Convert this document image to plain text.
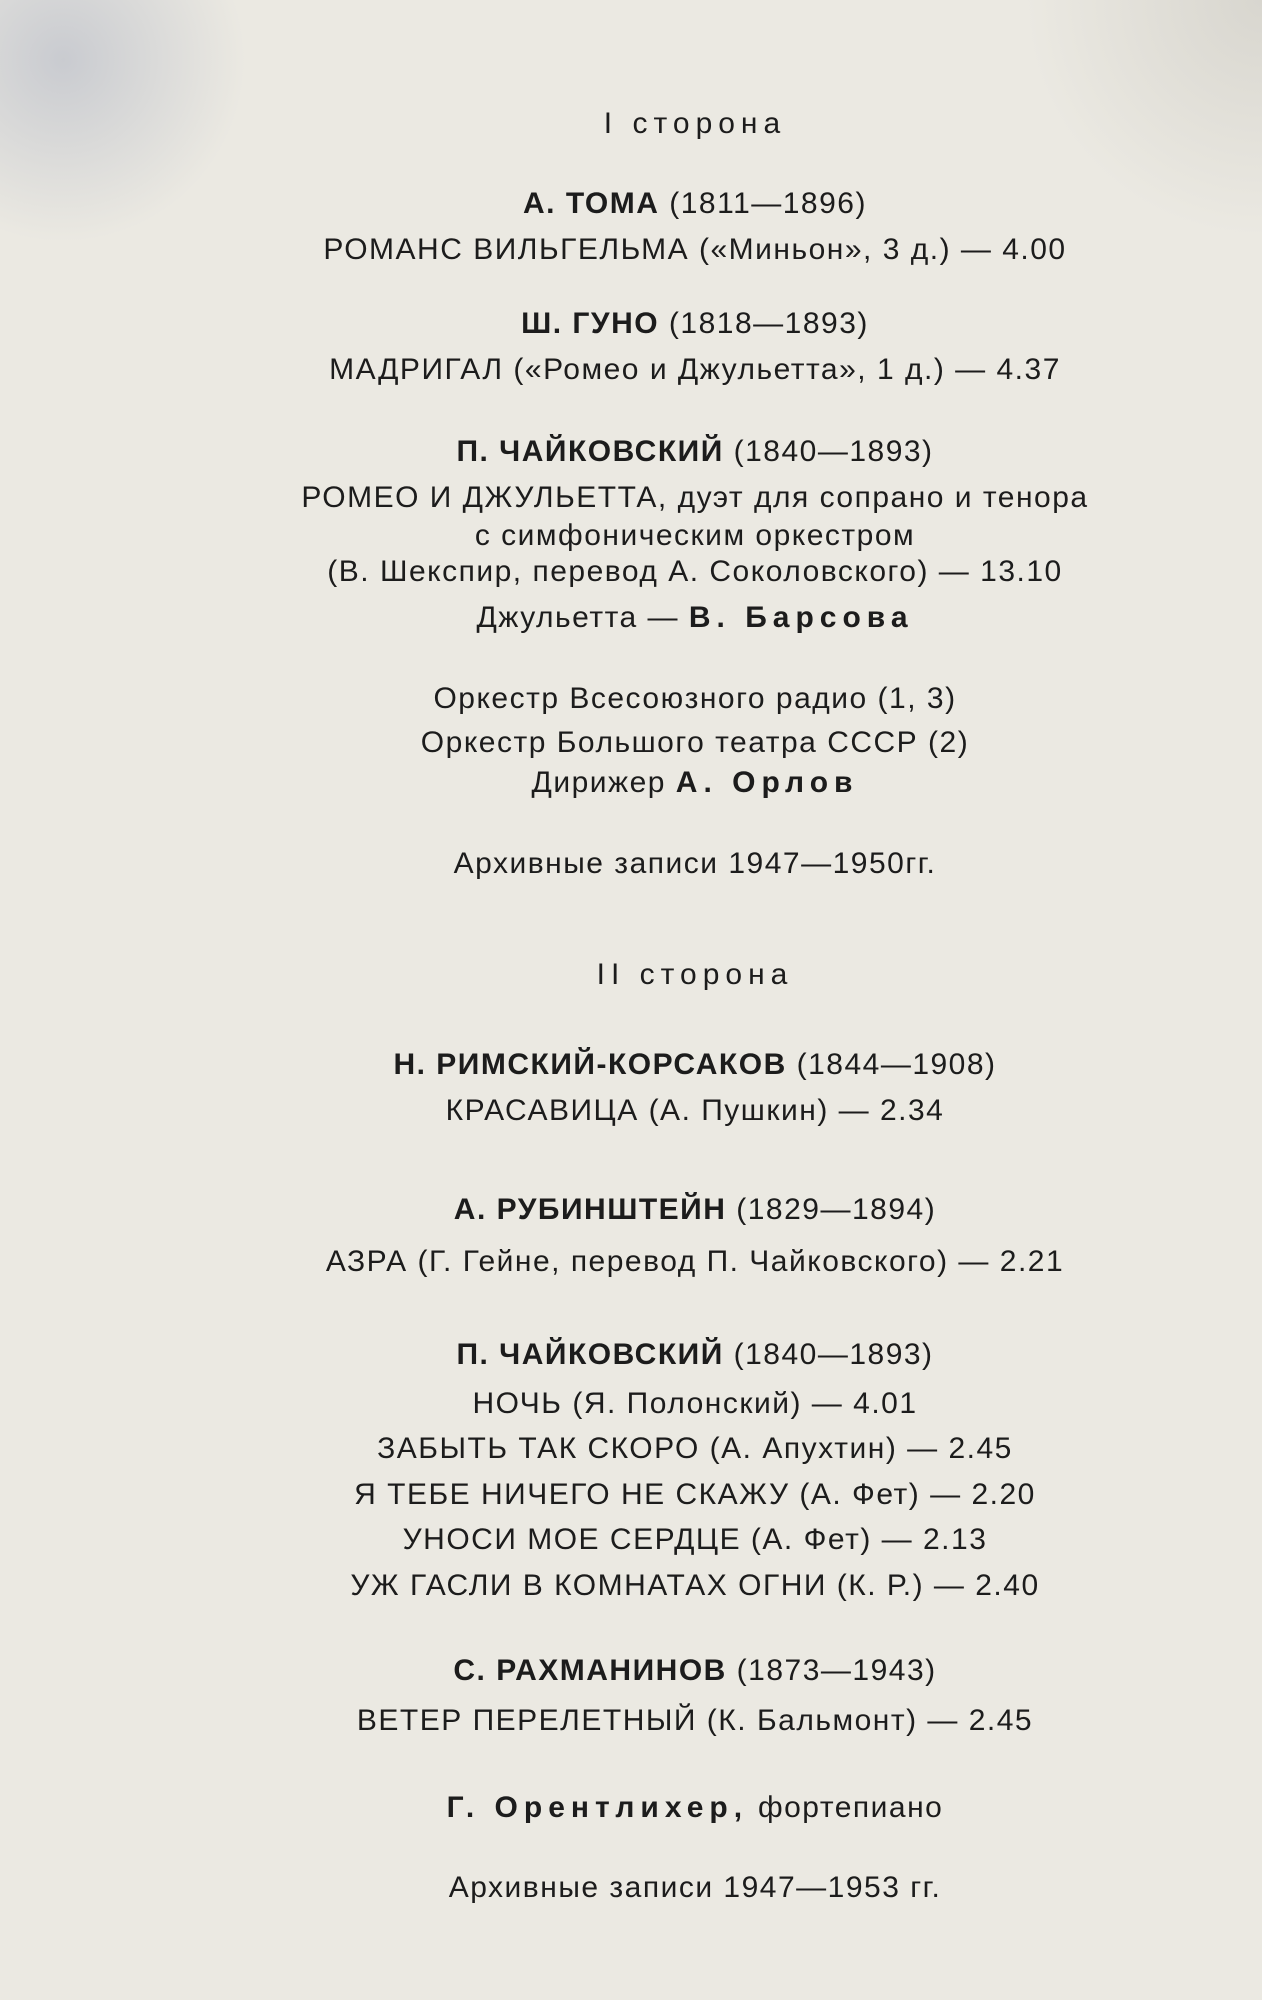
I сторона
II сторона
А. ТОМА (1811—1896)
РОМАНС ВИЛЬГЕЛЬМА («Миньон», 3 д.) — 4.00
Ш. ГУНО (1818—1893)
МАДРИГАЛ («Ромео и Джульетта», 1 д.) — 4.37
П. ЧАЙКОВСКИЙ (1840—1893)
РОМЕО И ДЖУЛЬЕТТА, дуэт для сопрано и тенора
с симфоническим оркестром
(В. Шекспир, перевод А. Соколовского) — 13.10
Джульетта — В. Барсова
Оркестр Всесоюзного радио (1, 3)
Оркестр Большого театра СССР (2)
Дирижер А. Орлов
Архивные записи 1947—1950гг.
Н. РИМСКИЙ-КОРСАКОВ (1844—1908)
КРАСАВИЦА (А. Пушкин) — 2.34
А. РУБИНШТЕЙН (1829—1894)
АЗРА (Г. Гейне, перевод П. Чайковского) — 2.21
П. ЧАЙКОВСКИЙ (1840—1893)
НОЧЬ (Я. Полонский) — 4.01
ЗАБЫТЬ ТАК СКОРО (А. Апухтин) — 2.45
Я ТЕБЕ НИЧЕГО НЕ СКАЖУ (А. Фет) — 2.20
УНОСИ МОЕ СЕРДЦЕ (А. Фет) — 2.13
УЖ ГАСЛИ В КОМНАТАХ ОГНИ (К. Р.) — 2.40
С. РАХМАНИНОВ (1873—1943)
ВЕТЕР ПЕРЕЛЕТНЫЙ (К. Бальмонт) — 2.45
Г. Орентлихер, фортепиано
Архивные записи 1947—1953 гг.
